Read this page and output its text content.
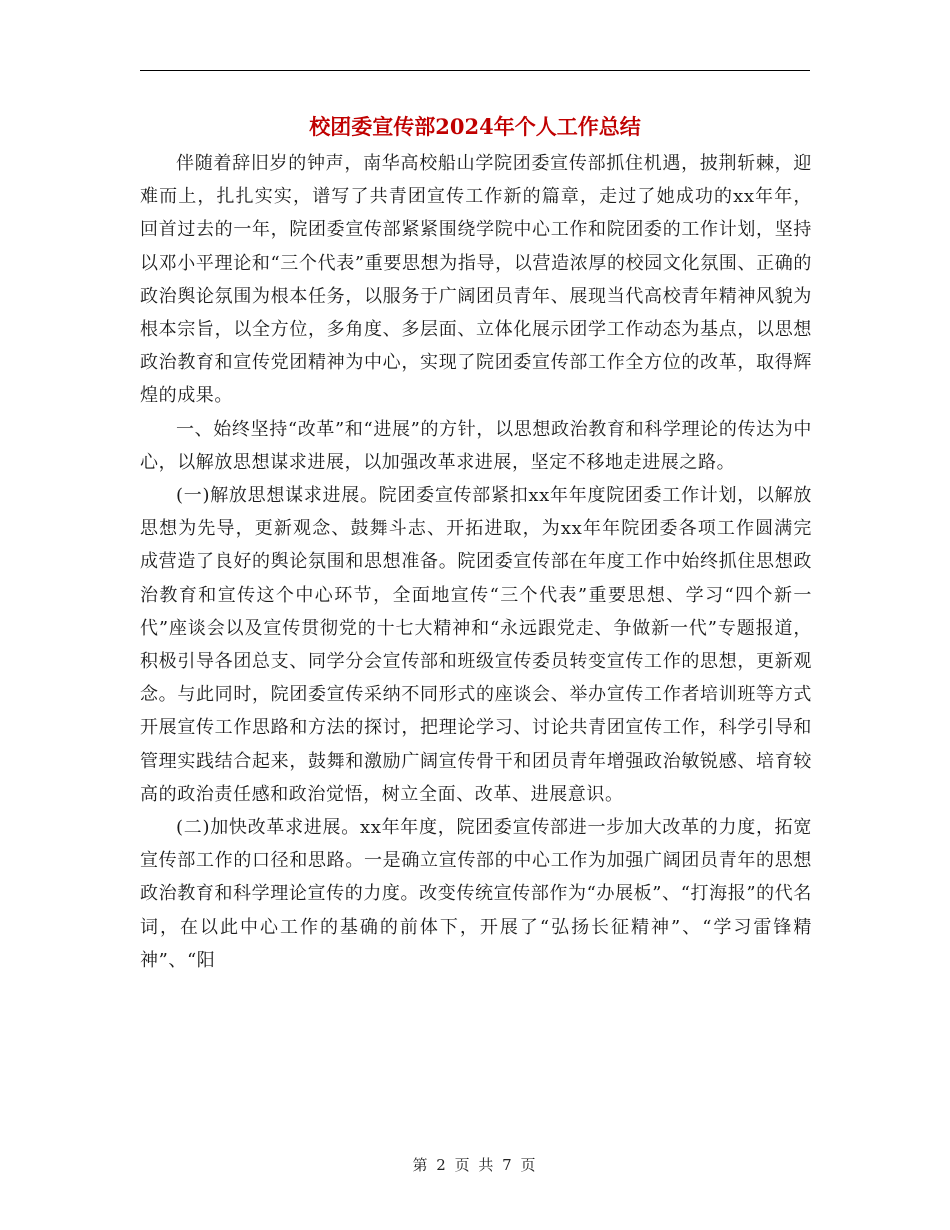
校团委宣传部2024年个人工作总结

伴随着辞旧岁的钟声，南华高校船山学院团委宣传部抓住机遇，披荆斩棘，迎难而上，扎扎实实，谱写了共青团宣传工作新的篇章，走过了她成功的xx年年，回首过去的一年，院团委宣传部紧紧围绕学院中心工作和院团委的工作计划，坚持以邓小平理论和“三个代表”重要思想为指导，以营造浓厚的校园文化氛围、正确的政治舆论氛围为根本任务，以服务于广阔团员青年、展现当代高校青年精神风貌为根本宗旨，以全方位，多角度、多层面、立体化展示团学工作动态为基点，以思想政治教育和宣传党团精神为中心，实现了院团委宣传部工作全方位的改革，取得辉煌的成果。

一、始终坚持“改革”和“进展”的方针，以思想政治教育和科学理论的传达为中心，以解放思想谋求进展，以加强改革求进展，坚定不移地走进展之路。

(一)解放思想谋求进展。院团委宣传部紧扣xx年年度院团委工作计划，以解放思想为先导，更新观念、鼓舞斗志、开拓进取，为xx年年院团委各项工作圆满完成营造了良好的舆论氛围和思想准备。院团委宣传部在年度工作中始终抓住思想政治教育和宣传这个中心环节，全面地宣传“三个代表”重要思想、学习“四个新一代”座谈会以及宣传贯彻党的十七大精神和“永远跟党走、争做新一代”专题报道，积极引导各团总支、同学分会宣传部和班级宣传委员转变宣传工作的思想，更新观念。与此同时，院团委宣传采纳不同形式的座谈会、举办宣传工作者培训班等方式开展宣传工作思路和方法的探讨，把理论学习、讨论共青团宣传工作，科学引导和管理实践结合起来，鼓舞和激励广阔宣传骨干和团员青年增强政治敏锐感、培育较高的政治责任感和政治觉悟，树立全面、改革、进展意识。

(二)加快改革求进展。xx年年度，院团委宣传部进一步加大改革的力度，拓宽宣传部工作的口径和思路。一是确立宣传部的中心工作为加强广阔团员青年的思想政治教育和科学理论宣传的力度。改变传统宣传部作为“办展板”、“打海报”的代名词，在以此中心工作的基确的前体下，开展了“弘扬长征精神”、“学习雷锋精神”、“阳

第 2 页 共 7 页
